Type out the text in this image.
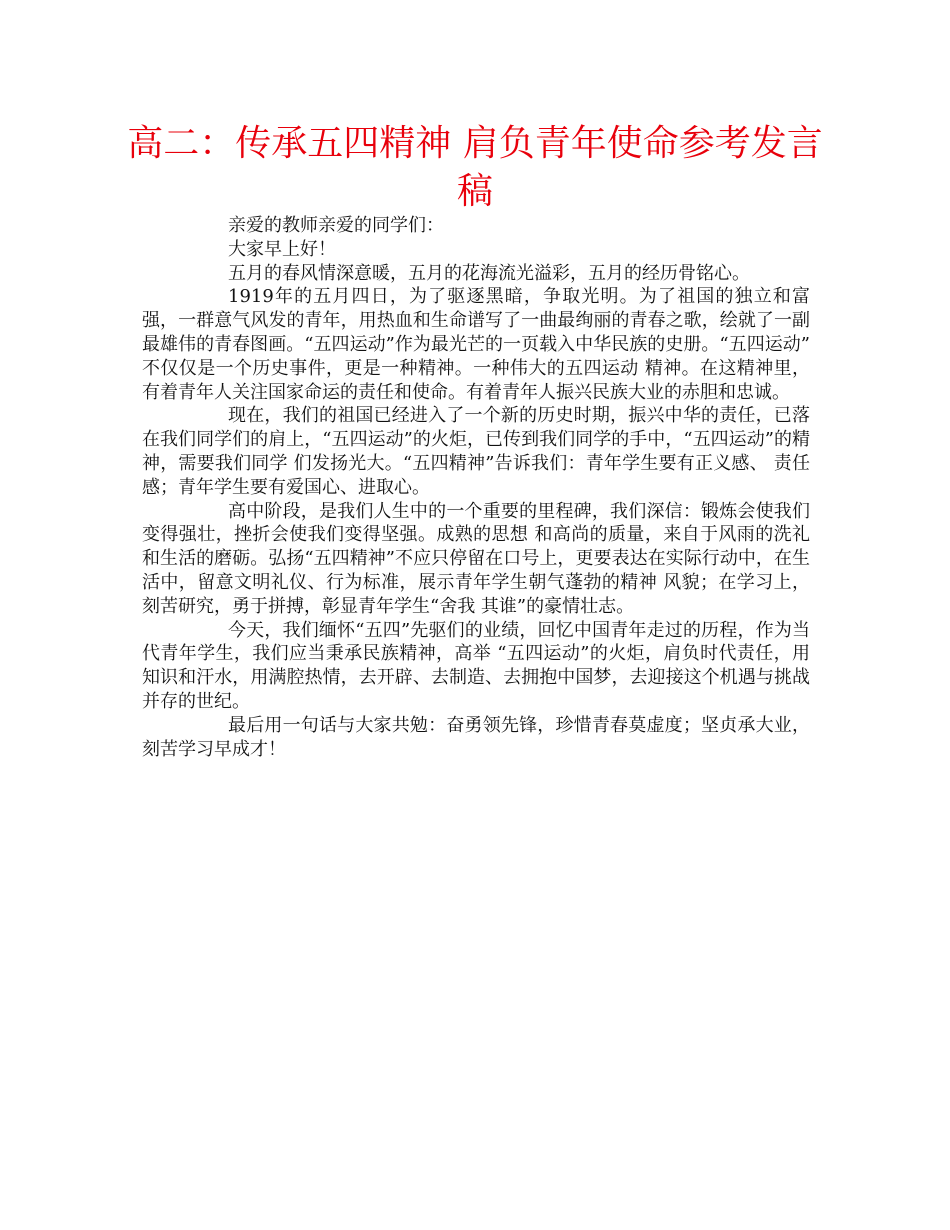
高二：传承五四精神 肩负青年使命参考发言稿

亲爱的教师亲爱的同学们：

大家早上好！

五月的春风情深意暖，五月的花海流光溢彩，五月的经历骨铭心。

1919年的五月四日，为了驱逐黑暗，争取光明。为了祖国的独立和富强，一群意气风发的青年，用热血和生命谱写了一曲最绚丽的青春之歌，绘就了一副最雄伟的青春图画。“五四运动”作为最光芒的一页载入中华民族的史册。“五四运动” 不仅仅是一个历史事件，更是一种精神。一种伟大的五四运动 精神。在这精神里，有着青年人关注国家命运的责任和使命。有着青年人振兴民族大业的赤胆和忠诚。

现在，我们的祖国已经进入了一个新的历史时期，振兴中华的责任，已落在我们同学们的肩上，“五四运动”的火炬，已传到我们同学的手中，“五四运动”的精神，需要我们同学 们发扬光大。“五四精神”告诉我们：青年学生要有正义感、 责任感；青年学生要有爱国心、进取心。

高中阶段，是我们人生中的一个重要的里程碑，我们深信：锻炼会使我们变得强壮，挫折会使我们变得坚强。成熟的思想 和高尚的质量，来自于风雨的洗礼和生活的磨砺。弘扬“五四精神”不应只停留在口号上，更要表达在实际行动中，在生活中，留意文明礼仪、行为标准，展示青年学生朝气蓬勃的精神 风貌；在学习上，刻苦研究，勇于拼搏，彰显青年学生“舍我 其谁”的豪情壮志。

今天，我们缅怀“五四”先驱们的业绩，回忆中国青年走过的历程，作为当代青年学生，我们应当秉承民族精神，高举 “五四运动”的火炬，肩负时代责任，用知识和汗水，用满腔热情，去开辟、去制造、去拥抱中国梦，去迎接这个机遇与挑战并存的世纪。

最后用一句话与大家共勉：奋勇领先锋，珍惜青春莫虚度；坚贞承大业，刻苦学习早成才！
